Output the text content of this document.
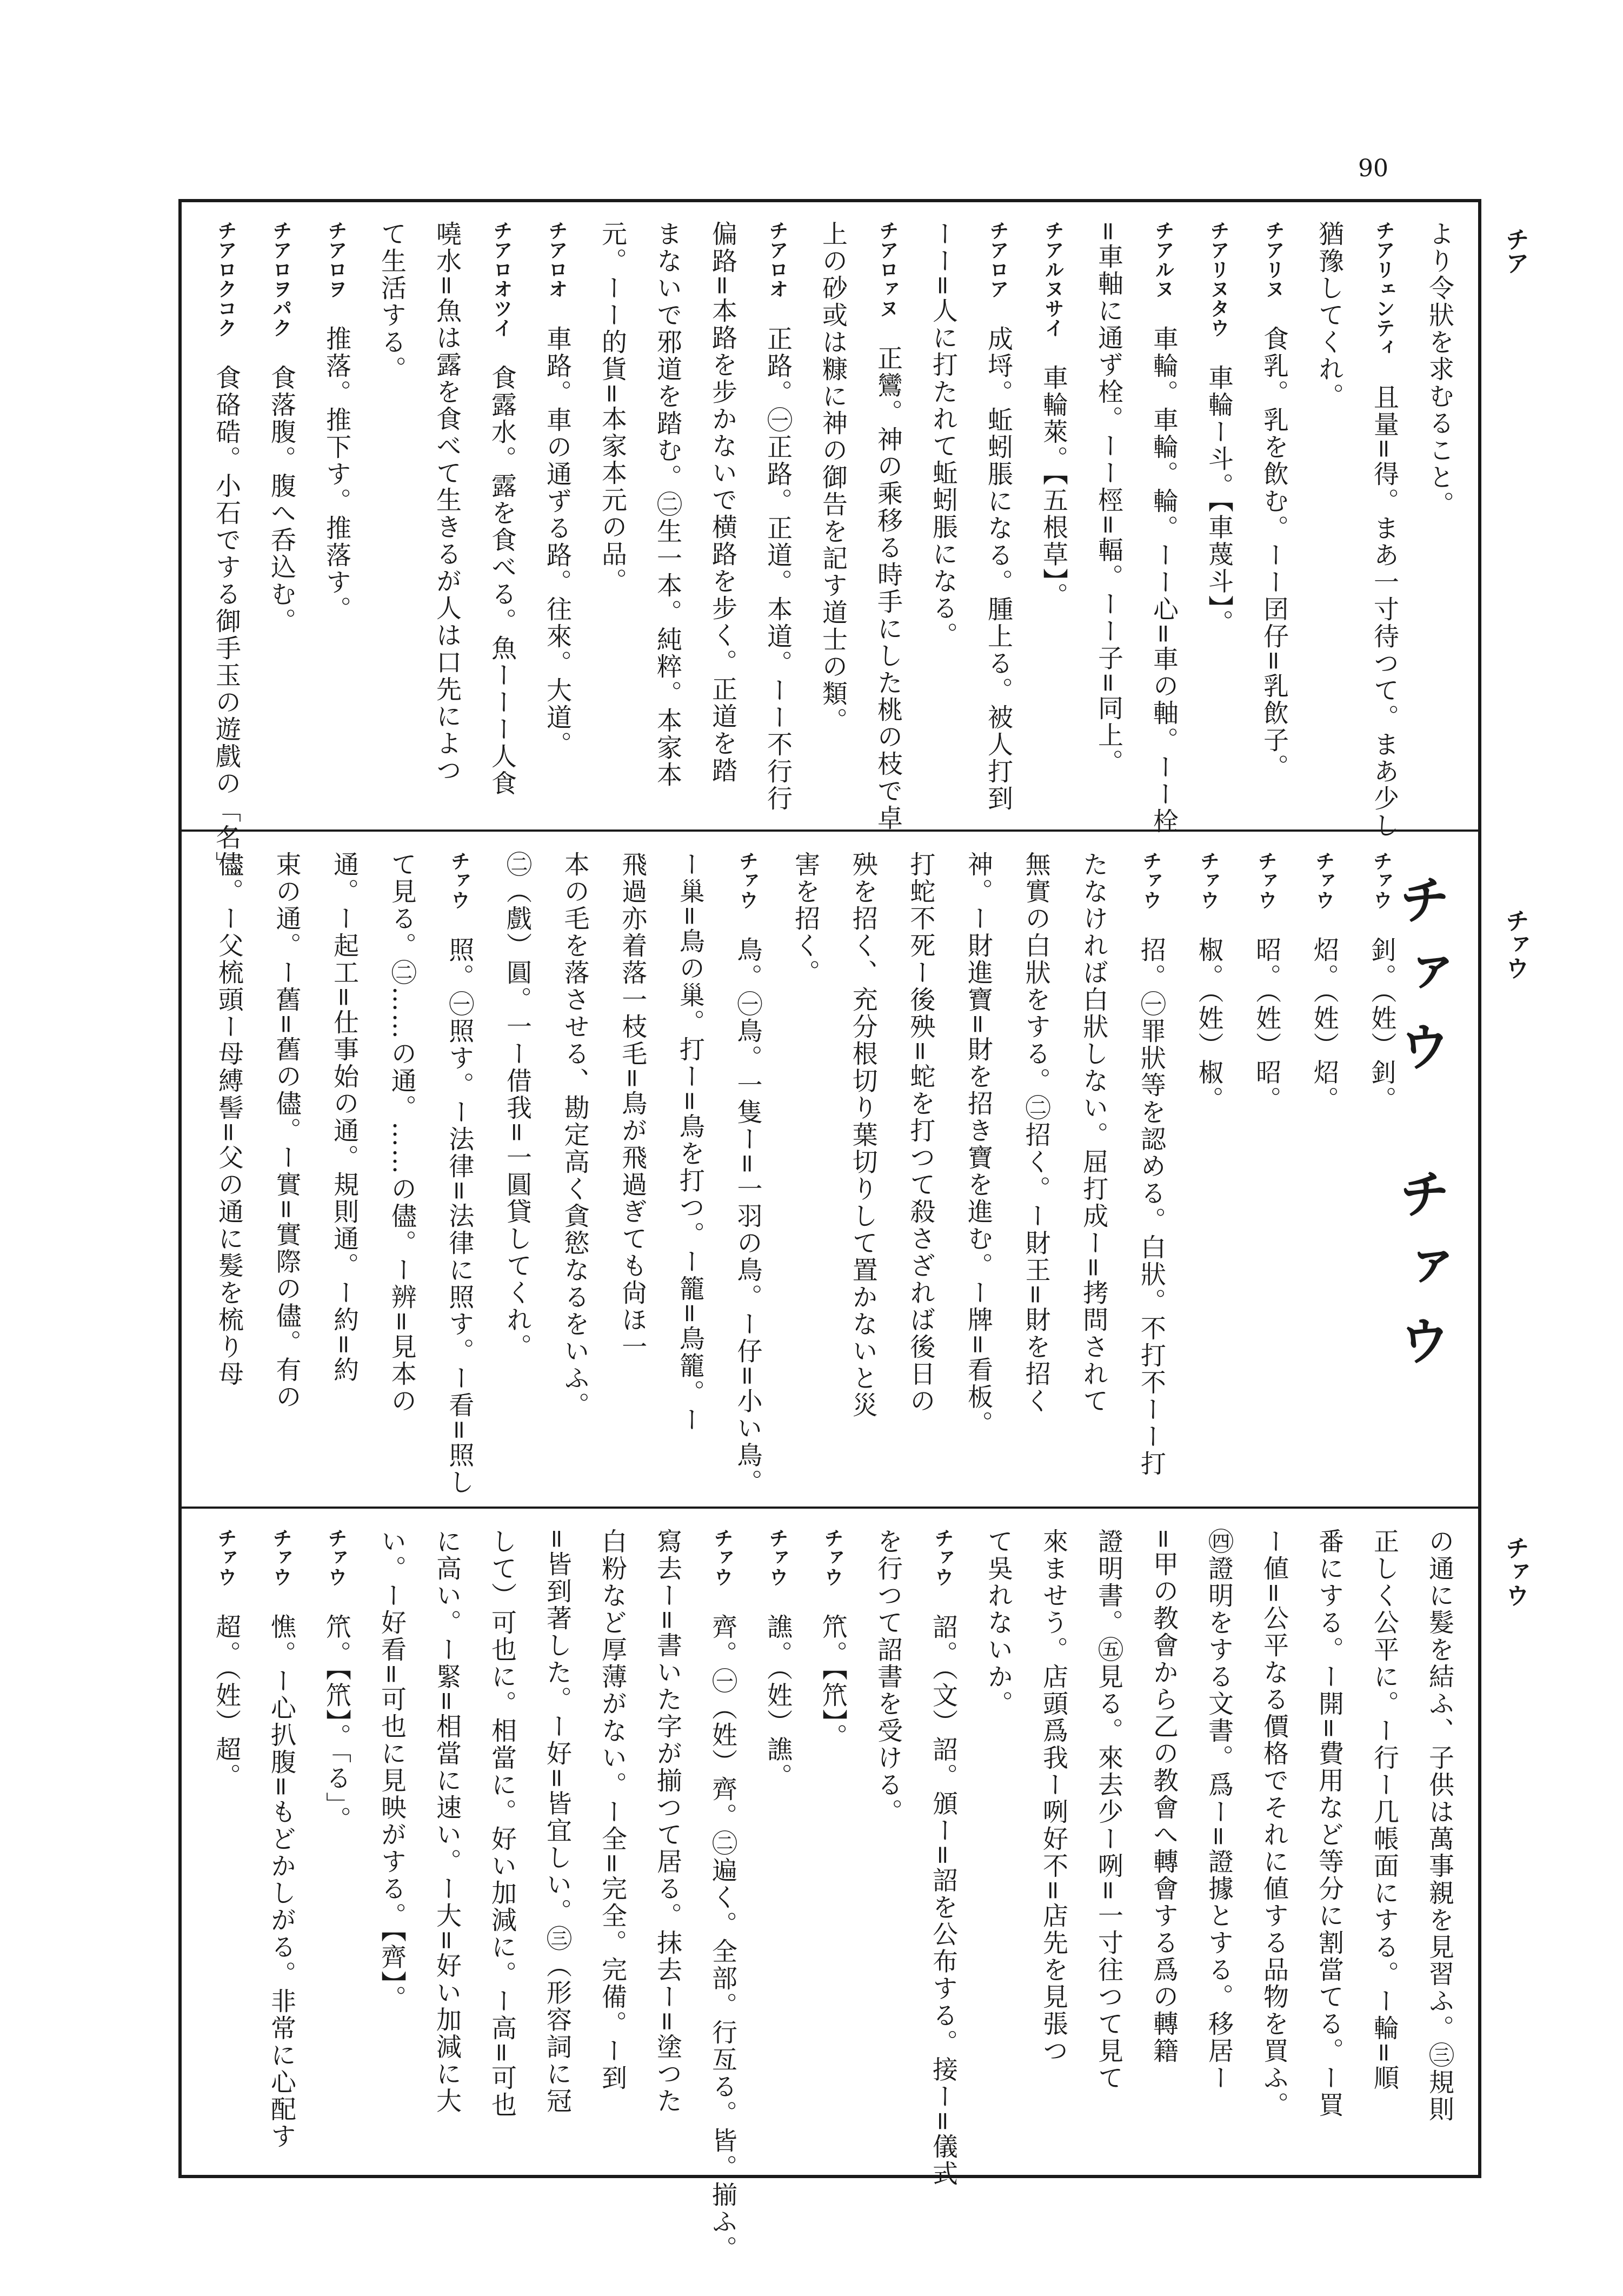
90
チア
チァウ
チァウ
より令狀を求むること。
チアリェンティ　且量=得。まあ一寸待つて。まあ少し
猶豫してくれ。
チアリヌ　食乳。乳を飲む。ーー囝仔=乳飲子。
チアリヌタウ　車輪ー斗。【車蔑斗】。
チアルヌ　車輪。車輪。輪。ーー心=車の軸。ーー栓
=車軸に通ず栓。ーー桱=輻。ーー子=同上。
チアルヌサイ　車輪萊。【五根草】。
チアロア　成埒。蚯蚓脹になる。腫上る。被人打到
ーー=人に打たれて蚯蚓脹になる。
チアロァヌ　正鸞。神の乘移る時手にした桃の枝で卓
上の砂或は糠に神の御告を記す道士の類。
チアロオ　正路。㊀正路。正道。本道。ーー不行行
偏路=本路を步かないで横路を步く。正道を踏
まないで邪道を踏む。㊁生一本。純粹。本家本
元。ーー的貨=本家本元の品。
チアロオ　車路。車の通ずる路。往來。大道。
チアロオツイ　食露水。露を食べる。魚ーーー人食
嘵水=魚は露を食べて生きるが人は口先によつ
て生活する。
チアロヲ　推落。推下す。推落す。
チアロヲパク　食落腹。腹へ呑込む。
チアロクコク　食硌硞。小石でする御手玉の遊戲の「名」。
チァウ　チァウ
チァウ　釗。（姓）釗。
チァウ　炤。（姓）炤。
チァウ　昭。（姓）昭。
チァウ　椒。（姓）椒。
チァウ　招。㊀罪狀等を認める。白狀。不打不ーー打
たなければ白狀しない。屈打成ー=拷問されて
無實の白狀をする。㊁招く。ー財王=財を招く
神。ー財進寶=財を招き寶を進む。ー牌=看板。
打蛇不死ー後殃=蛇を打つて殺さざれば後日の
殃を招く、充分根切り葉切りして置かないと災
害を招く。
チァウ　鳥。㊀鳥。一隻ー=一羽の鳥。ー仔=小い鳥。
ー巢=鳥の巢。打ー=鳥を打つ。ー籠=鳥籠。ー
飛過亦着落一枝毛=鳥が飛過ぎても尙ほ一
本の毛を落させる、勘定高く貪慾なるをいふ。
㊁（戲）圓。一ー借我=一圓貸してくれ。
チァウ　照。㊀照す。ー法律=法律に照す。ー看=照し
て見る。㊁……の通。……の儘。ー辨=見本の
通。ー起工=仕事始の通。規則通。ー約=約
束の通。ー舊=舊の儘。ー實=實際の儘。有の
儘。ー父梳頭ー母縛髻=父の通に髮を梳り母
の通に髮を結ふ、子供は萬事親を見習ふ。㊂規則
正しく公平に。ー行ー几帳面にする。ー輪=順
番にする。ー開=費用など等分に割當てる。ー買
ー値=公平なる價格でそれに値する品物を買ふ。
㊃證明をする文書。爲ー=證據とする。移居ー
=甲の教會から乙の教會へ轉會する爲の轉籍
證明書。㊄見る。來去少ー咧=一寸往つて見て
來ませう。店頭爲我ー咧好不=店先を見張つ
て吳れないか。
チァウ　詔。（文）詔。頒ー=詔を公布する。接ー=儀式
を行つて詔書を受ける。
チァウ　笊。【笊】。
チァウ　譙。（姓）譙。
チァウ　齊。㊀（姓）齊。㊁遍く。全部。行亙る。皆。揃ふ。
寫去ー=書いた字が揃つて居る。抹去ー=塗つた
白粉など厚薄がない。ー全=完全。完備。ー到
=皆到著した。ー好=皆宜しい。㊂（形容詞に冠
して）可也に。相當に。好い加減に。ー高=可也
に高い。ー緊=相當に速い。ー大=好い加減に大
い。ー好看=可也に見映がする。【齊】。
チァウ　笊。【笊】。「る」。
チァウ　憔。ー心扒腹=もどかしがる。非常に心配す
チァウ　超。（姓）超。
